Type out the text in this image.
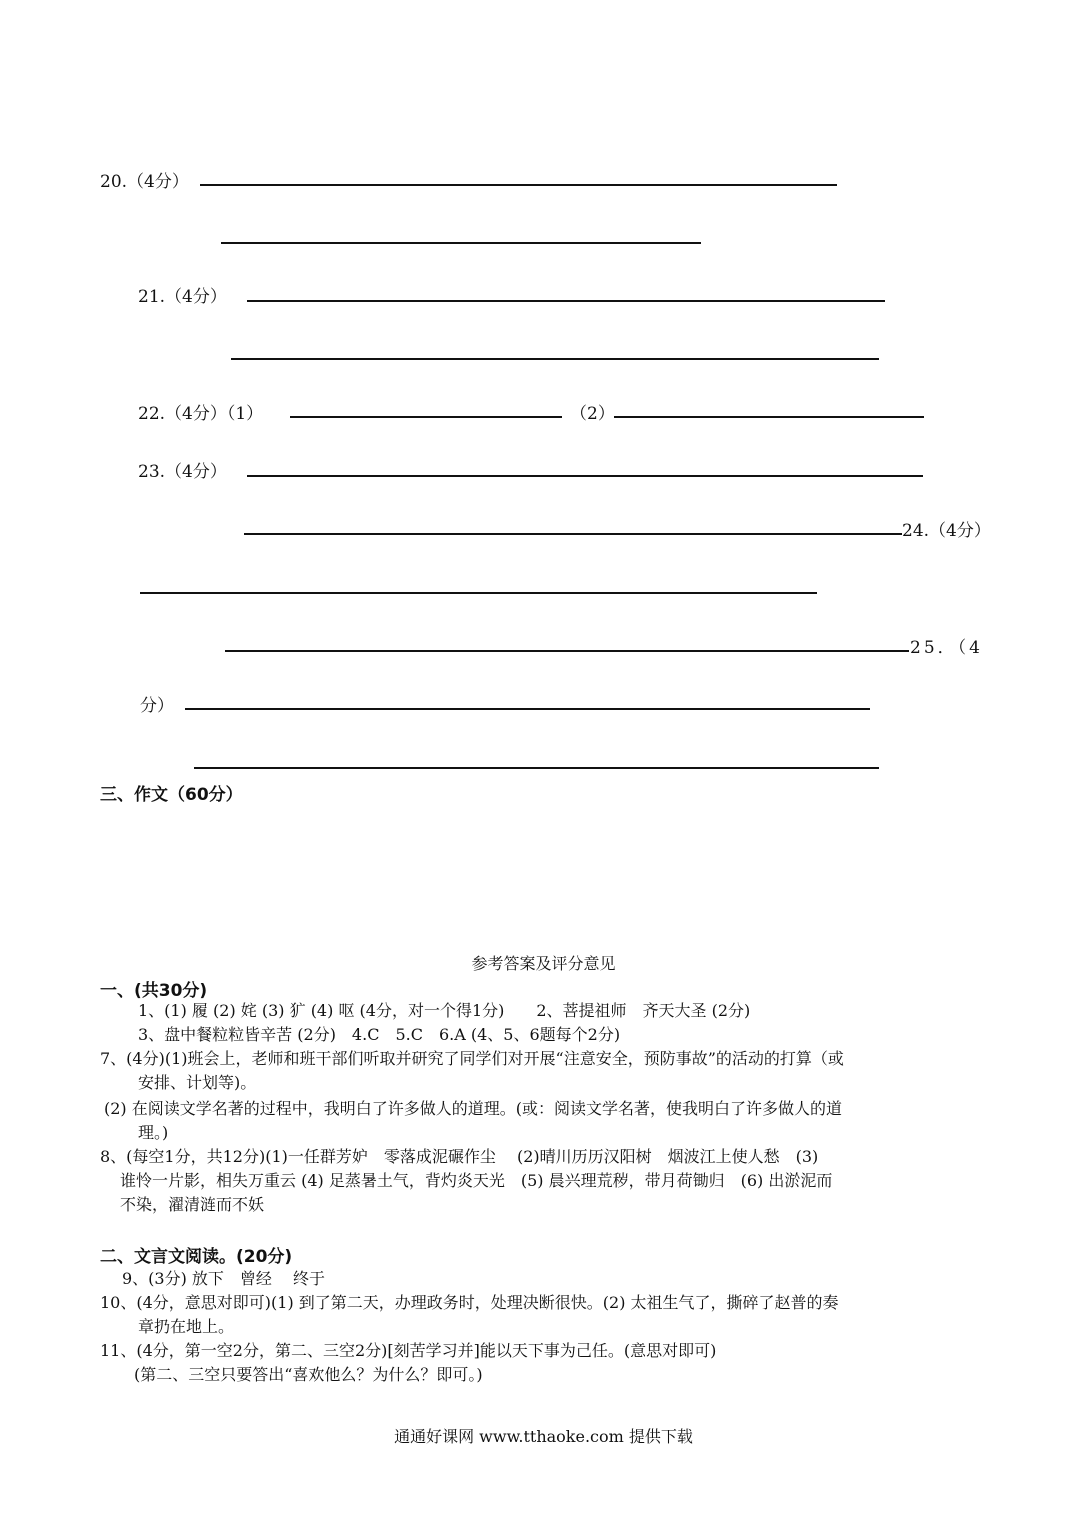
20.（4分）
21.（4分）
22.（4分）（1）	（2）
23.（4分）
24.（4分）
25．（4
分）
三、作文（60分）
参考答案及评分意见
一、(共30分)
1、(1) 履 (2) 姹 (3) 犷 (4) 呕 (4分，对一个得1分)　　2、菩提祖师　齐天大圣 (2分)
3、盘中餐粒粒皆辛苦 (2分)　4.C　5.C　6.A (4、5、6题每个2分)
7、(4分)(1)班会上，老师和班干部们听取并研究了同学们对开展“注意安全，预防事故”的活动的打算（或
安排、计划等)。
(2) 在阅读文学名著的过程中，我明白了许多做人的道理。(或：阅读文学名著，使我明白了许多做人的道
理。)
8、(每空1分，共12分)(1)一任群芳妒　零落成泥碾作尘　 (2)晴川历历汉阳树　烟波江上使人愁　(3)
谁怜一片影，相失万重云 (4) 足蒸暑土气，背灼炎天光　(5) 晨兴理荒秽，带月荷锄归　(6) 出淤泥而
不染，濯清涟而不妖
二、文言文阅读。(20分)
9、(3分) 放下　曾经　 终于
10、(4分，意思对即可)(1) 到了第二天，办理政务时，处理决断很快。(2) 太祖生气了，撕碎了赵普的奏
章扔在地上。
11、(4分，第一空2分，第二、三空2分)[刻苦学习并]能以天下事为己任。(意思对即可)
(第二、三空只要答出“喜欢他么？为什么？即可。)
通通好课网 www.tthaoke.com 提供下载
